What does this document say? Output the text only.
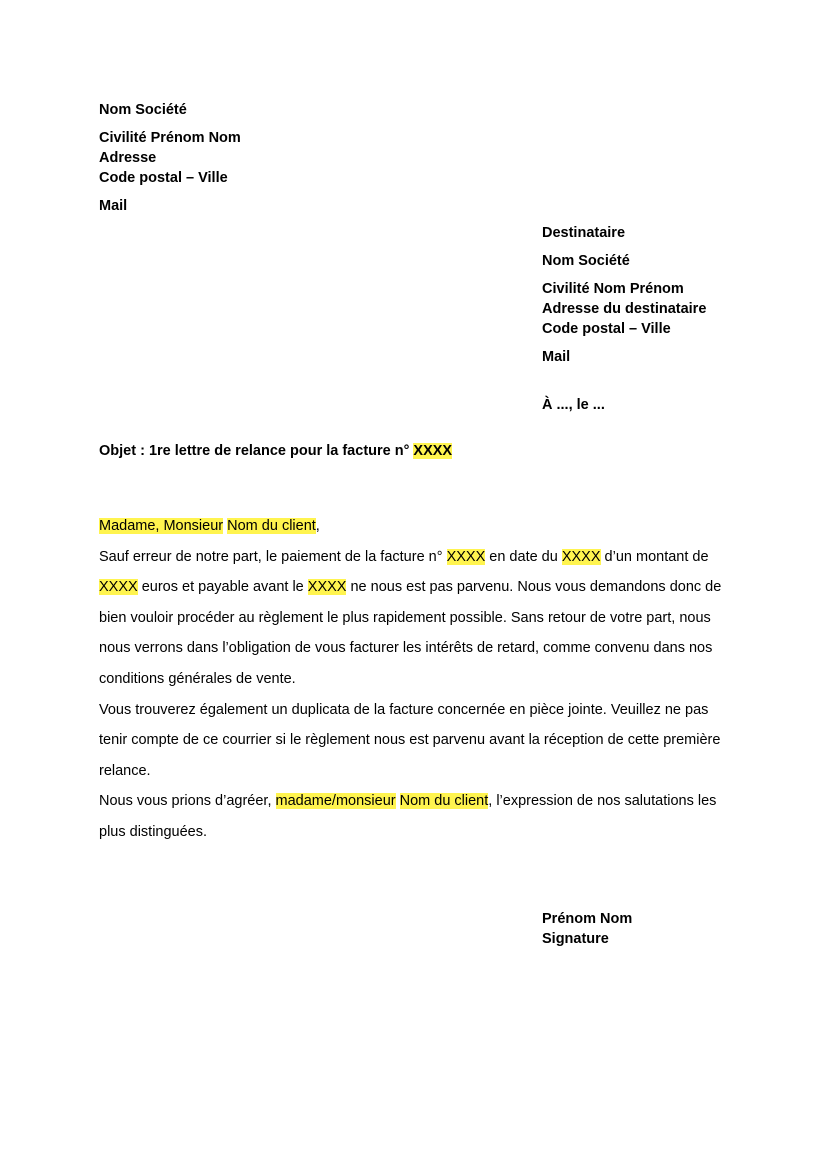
Nom Société
Civilité Prénom Nom
Adresse
Code postal – Ville
Mail
Destinataire
Nom Société
Civilité Nom Prénom
Adresse du destinataire
Code postal – Ville
Mail
À ..., le ...
Objet : 1re lettre de relance pour la facture n° XXXX

Madame, Monsieur Nom du client,

Sauf erreur de notre part, le paiement de la facture n° XXXX en date du XXXX d’un montant de XXXX euros et payable avant le XXXX ne nous est pas parvenu. Nous vous demandons donc de bien vouloir procéder au règlement le plus rapidement possible. Sans retour de votre part, nous nous verrons dans l’obligation de vous facturer les intérêts de retard, comme convenu dans nos conditions générales de vente.

Vous trouverez également un duplicata de la facture concernée en pièce jointe. Veuillez ne pas tenir compte de ce courrier si le règlement nous est parvenu avant la réception de cette première relance.

Nous vous prions d’agréer, madame/monsieur Nom du client, l’expression de nos salutations les plus distinguées.

Prénom Nom
Signature
